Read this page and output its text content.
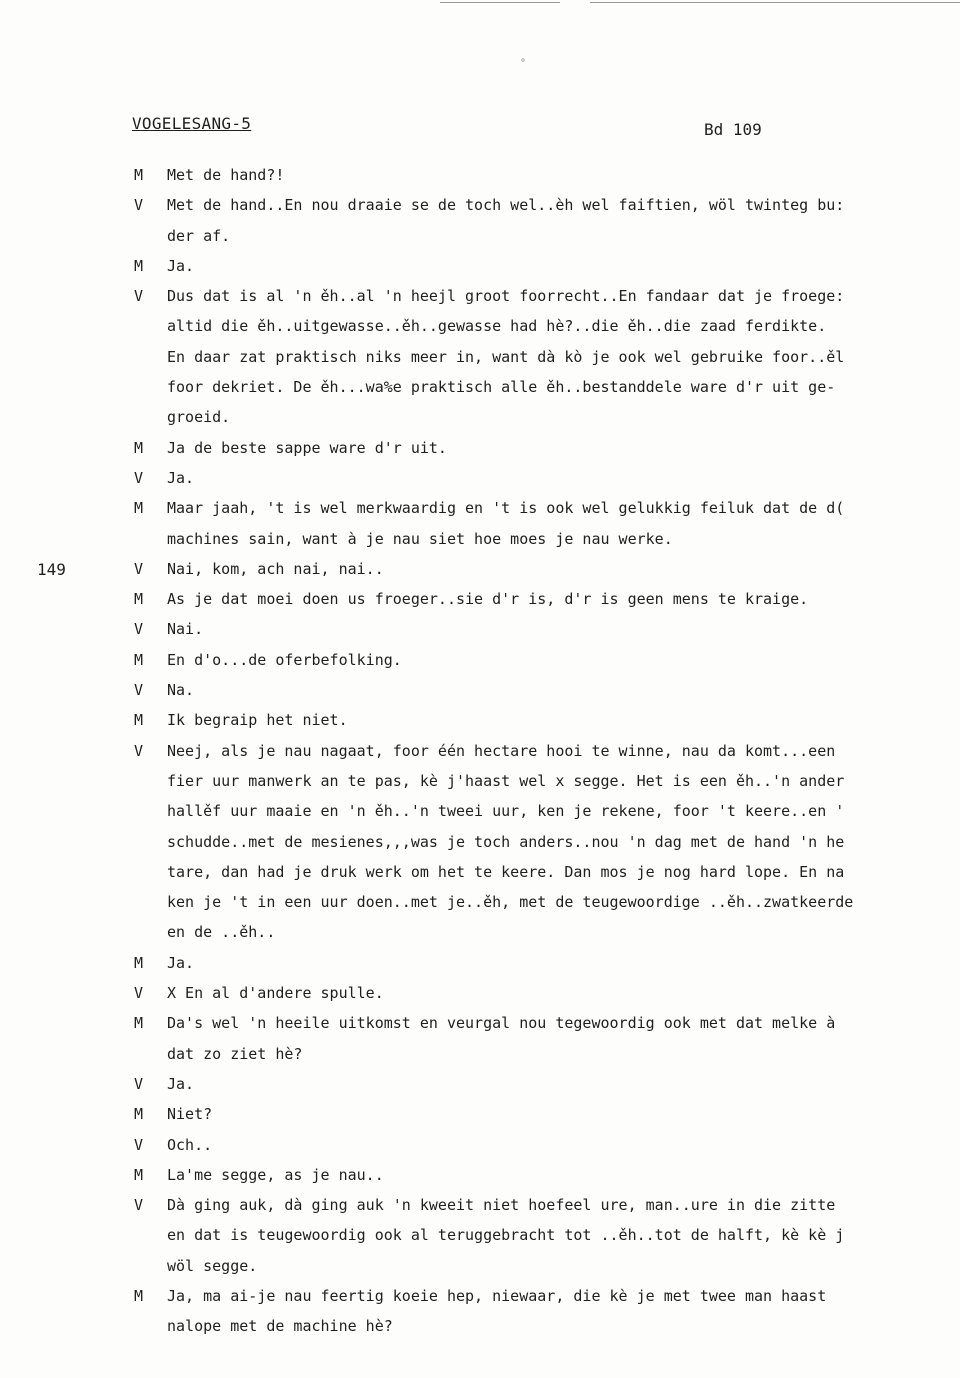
°
VOGELESANG-5	Bd 109
149
M	Met de hand?!
V	Met de hand..En nou draaie se de toch wel..èh wel faiftien, wöl twinteg bu:
der af.
M	Ja.
V	Dus dat is al 'n ěh..al 'n heejl groot foorrecht..En fandaar dat je froege:
altid die ěh..uitgewasse..ěh..gewasse had hè?..die ěh..die zaad ferdikte.
En daar zat praktisch niks meer in, want dà kò je ook wel gebruike foor..ěl
foor dekriet. De ěh...wa%e praktisch alle ěh..bestanddele ware d'r uit ge-
groeid.
M	Ja de beste sappe ware d'r uit.
V	Ja.
M	Maar jaah, 't is wel merkwaardig en 't is ook wel gelukkig feiluk dat de d(
machines sain, want à je nau siet hoe moes je nau werke.
V	Nai, kom, ach nai, nai..
M	As je dat moei doen us froeger..sie d'r is, d'r is geen mens te kraige.
V	Nai.
M	En d'o...de oferbefolking.
V	Na.
M	Ik begraip het niet.
V	Neej, als je nau nagaat, foor één hectare hooi te winne, nau da komt...een
fier uur manwerk an te pas, kè j'haast wel x segge. Het is een ěh..'n ander
hallěf uur maaie en 'n ěh..'n tweei uur, ken je rekene, foor 't keere..en '
schudde..met de mesienes,,,was je toch anders..nou 'n dag met de hand 'n he
tare, dan had je druk werk om het te keere. Dan mos je nog hard lope. En na
ken je 't in een uur doen..met je..ěh, met de teugewoordige ..ěh..zwatkeerde
en de ..ěh..
M	Ja.
V	X En al d'andere spulle.
M	Da's wel 'n heeile uitkomst en veurgal nou tegewoordig ook met dat melke à
dat zo ziet hè?
V	Ja.
M	Niet?
V	Och..
M	La'me segge, as je nau..
V	Dà ging auk, dà ging auk 'n kweeit niet hoefeel ure, man..ure in die zitte
en dat is teugewoordig ook al teruggebracht tot ..ěh..tot de halft, kè kè j
wöl segge.
M	Ja, ma ai-je nau feertig koeie hep, niewaar, die kè je met twee man haast
nalope met de machine hè?
